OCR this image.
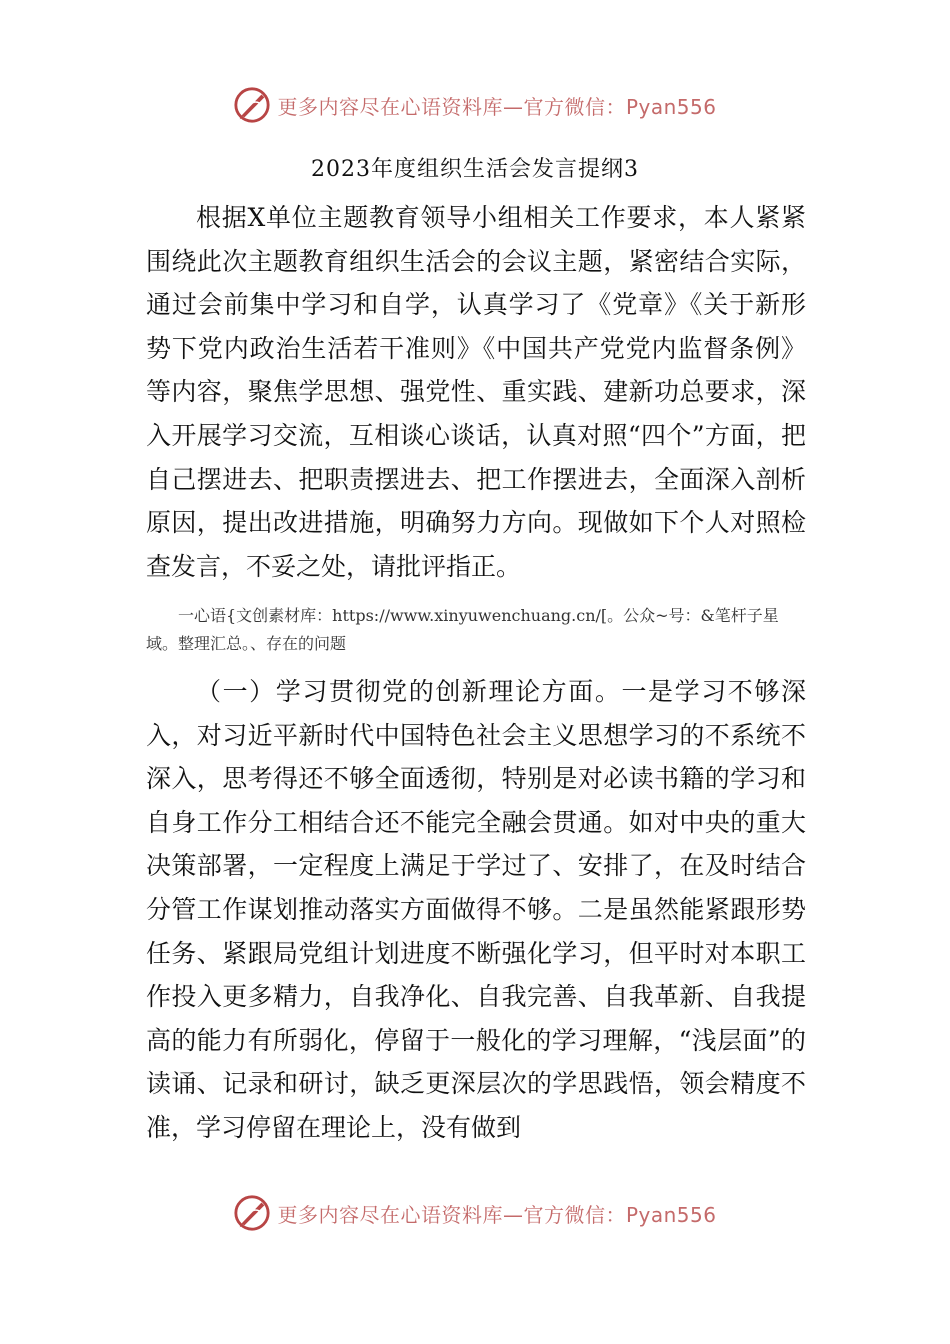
更多内容尽在心语资料库—官方微信：Pyan556
2023年度组织生活会发言提纲3

根据X单位主题教育领导小组相关工作要求，本人紧紧围绕此次主题教育组织生活会的会议主题，紧密结合实际，通过会前集中学习和自学，认真学习了《党章》《关于新形势下党内政治生活若干准则》《中国共产党党内监督条例》等内容，聚焦学思想、强党性、重实践、建新功总要求，深入开展学习交流，互相谈心谈话，认真对照“四个”方面，把自己摆进去、把职责摆进去、把工作摆进去，全面深入剖析原因，提出改进措施，明确努力方向。现做如下个人对照检查发言，不妥之处，请批评指正。

一心语{文创素材库：https://www.xinyuwenchuang.cn/[。公众~号：&笔杆子星域。整理汇总。、存在的问题

（一）学习贯彻党的创新理论方面。一是学习不够深入，对习近平新时代中国特色社会主义思想学习的不系统不深入，思考得还不够全面透彻，特别是对必读书籍的学习和自身工作分工相结合还不能完全融会贯通。如对中央的重大决策部署，一定程度上满足于学过了、安排了，在及时结合分管工作谋划推动落实方面做得不够。二是虽然能紧跟形势任务、紧跟局党组计划进度不断强化学习，但平时对本职工作投入更多精力，自我净化、自我完善、自我革新、自我提高的能力有所弱化，停留于一般化的学习理解，“浅层面”的读诵、记录和研讨，缺乏更深层次的学思践悟，领会精度不准，学习停留在理论上，没有做到

更多内容尽在心语资料库—官方微信：Pyan556
